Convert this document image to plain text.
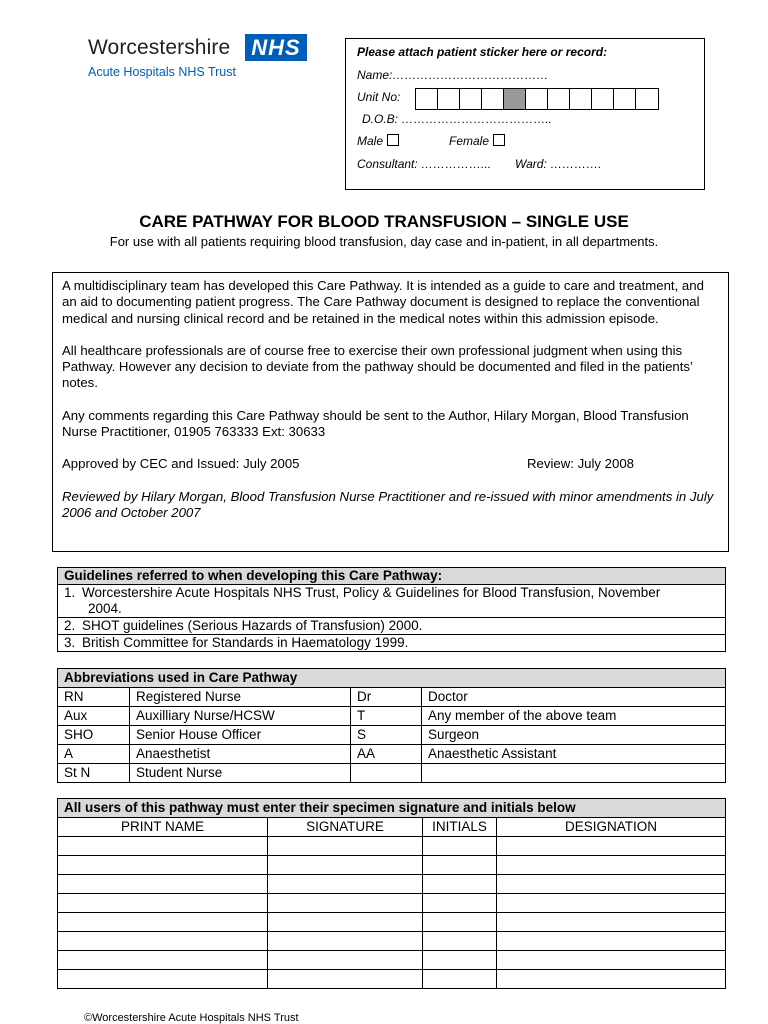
Worcestershire NHS
Acute Hospitals NHS Trust
Please attach patient sticker here or record:
Name:…………………………………
Unit No:
D.O.B: ………………………………..
Male	Female
Consultant: ……………... Ward: ………….
CARE PATHWAY FOR BLOOD TRANSFUSION – SINGLE USE
For use with all patients requiring blood transfusion, day case and in-patient, in all departments.

A multidisciplinary team has developed this Care Pathway. It is intended as a guide to care and treatment, and an aid to documenting patient progress. The Care Pathway document is designed to replace the conventional medical and nursing clinical record and be retained in the medical notes within this admission episode.

All healthcare professionals are of course free to exercise their own professional judgment when using this Pathway. However any decision to deviate from the pathway should be documented and filed in the patients’ notes.

Any comments regarding this Care Pathway should be sent to the Author, Hilary Morgan, Blood Transfusion Nurse Practitioner, 01905 763333 Ext: 30633

Approved by CEC and Issued: July 2005	Review: July 2008

Reviewed by Hilary Morgan, Blood Transfusion Nurse Practitioner and re-issued with minor amendments in July 2006 and October 2007

Guidelines referred to when developing this Care Pathway:
1. Worcestershire Acute Hospitals NHS Trust, Policy & Guidelines for Blood Transfusion, November
2004.
2. SHOT guidelines (Serious Hazards of Transfusion) 2000.
3. British Committee for Standards in Haematology 1999.
Abbreviations used in Care Pathway			
RN	Registered Nurse	Dr	Doctor
Aux	Auxilliary Nurse/HCSW	T	Any member of the above team
SHO	Senior House Officer	S	Surgeon
A	Anaesthetist	AA	Anaesthetic Assistant
St N	Student Nurse		
All users of this pathway must enter their specimen signature and initials below			
PRINT NAME	SIGNATURE	INITIALS	DESIGNATION

©Worcestershire Acute Hospitals NHS Trust
